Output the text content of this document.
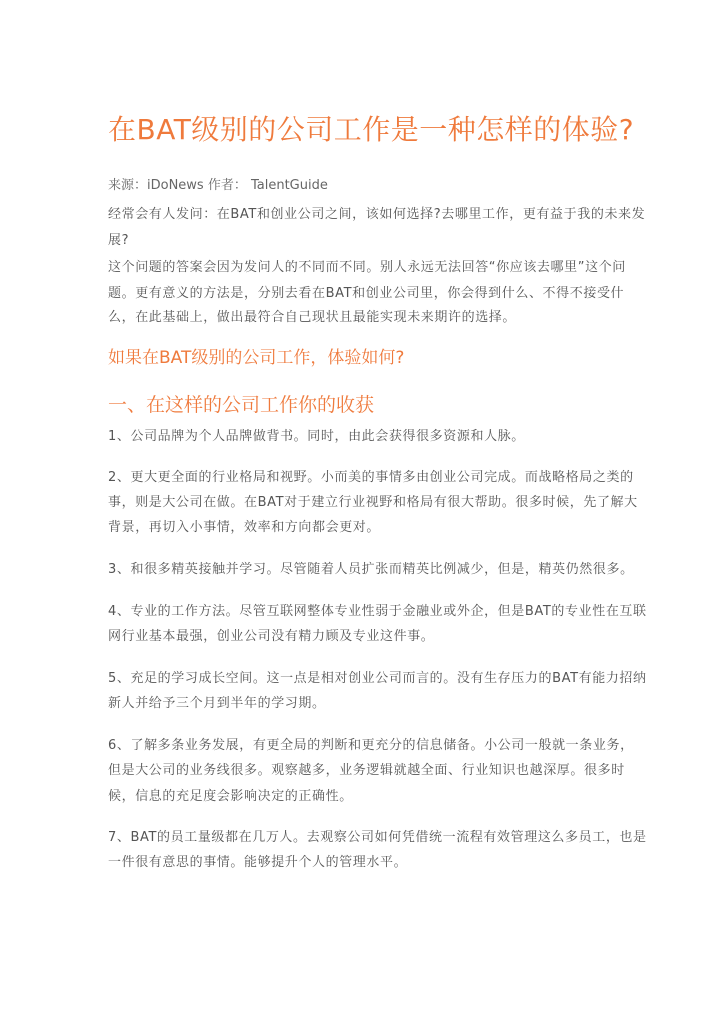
在BAT级别的公司工作是一种怎样的体验?
来源：iDoNews 作者： TalentGuide
经常会有人发问：在BAT和创业公司之间，该如何选择?去哪里工作，更有益于我的未来发
展?
这个问题的答案会因为发问人的不同而不同。别人永远无法回答“你应该去哪里”这个问
题。更有意义的方法是，分别去看在BAT和创业公司里，你会得到什么、不得不接受什
么，在此基础上，做出最符合自己现状且最能实现未来期许的选择。
如果在BAT级别的公司工作，体验如何?
一、在这样的公司工作你的收获
1、公司品牌为个人品牌做背书。同时，由此会获得很多资源和人脉。
2、更大更全面的行业格局和视野。小而美的事情多由创业公司完成。而战略格局之类的
事，则是大公司在做。在BAT对于建立行业视野和格局有很大帮助。很多时候，先了解大
背景，再切入小事情，效率和方向都会更对。
3、和很多精英接触并学习。尽管随着人员扩张而精英比例减少，但是，精英仍然很多。
4、专业的工作方法。尽管互联网整体专业性弱于金融业或外企，但是BAT的专业性在互联
网行业基本最强，创业公司没有精力顾及专业这件事。
5、充足的学习成长空间。这一点是相对创业公司而言的。没有生存压力的BAT有能力招纳
新人并给予三个月到半年的学习期。
6、了解多条业务发展，有更全局的判断和更充分的信息储备。小公司一般就一条业务，
但是大公司的业务线很多。观察越多，业务逻辑就越全面、行业知识也越深厚。很多时
候，信息的充足度会影响决定的正确性。
7、BAT的员工量级都在几万人。去观察公司如何凭借统一流程有效管理这么多员工，也是
一件很有意思的事情。能够提升个人的管理水平。
